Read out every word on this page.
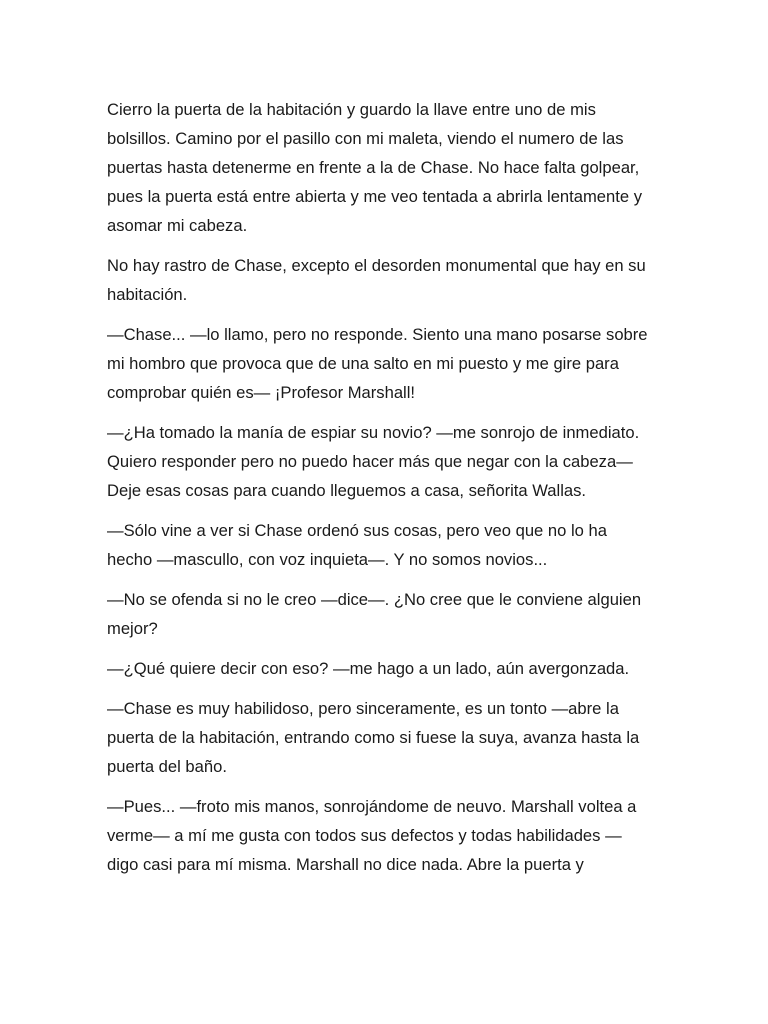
Cierro la puerta de la habitación y guardo la llave entre uno de mis
bolsillos. Camino por el pasillo con mi maleta, viendo el numero de las
puertas hasta detenerme en frente a la de Chase. No hace falta golpear,
pues la puerta está entre abierta y me veo tentada a abrirla lentamente y
asomar mi cabeza.

No hay rastro de Chase, excepto el desorden monumental que hay en su
habitación.

—Chase... —lo llamo, pero no responde. Siento una mano posarse sobre
mi hombro que provoca que de una salto en mi puesto y me gire para
comprobar quién es— ¡Profesor Marshall!

—¿Ha tomado la manía de espiar su novio? —me sonrojo de inmediato.
Quiero responder pero no puedo hacer más que negar con la cabeza—
Deje esas cosas para cuando lleguemos a casa, señorita Wallas.

—Sólo vine a ver si Chase ordenó sus cosas, pero veo que no lo ha
hecho —mascullo, con voz inquieta—. Y no somos novios...

—No se ofenda si no le creo —dice—. ¿No cree que le conviene alguien
mejor?

—¿Qué quiere decir con eso? —me hago a un lado, aún avergonzada.

—Chase es muy habilidoso, pero sinceramente, es un tonto —abre la
puerta de la habitación, entrando como si fuese la suya, avanza hasta la
puerta del baño.

—Pues... —froto mis manos, sonrojándome de neuvo. Marshall voltea a
verme— a mí me gusta con todos sus defectos y todas habilidades —
digo casi para mí misma. Marshall no dice nada. Abre la puerta y
